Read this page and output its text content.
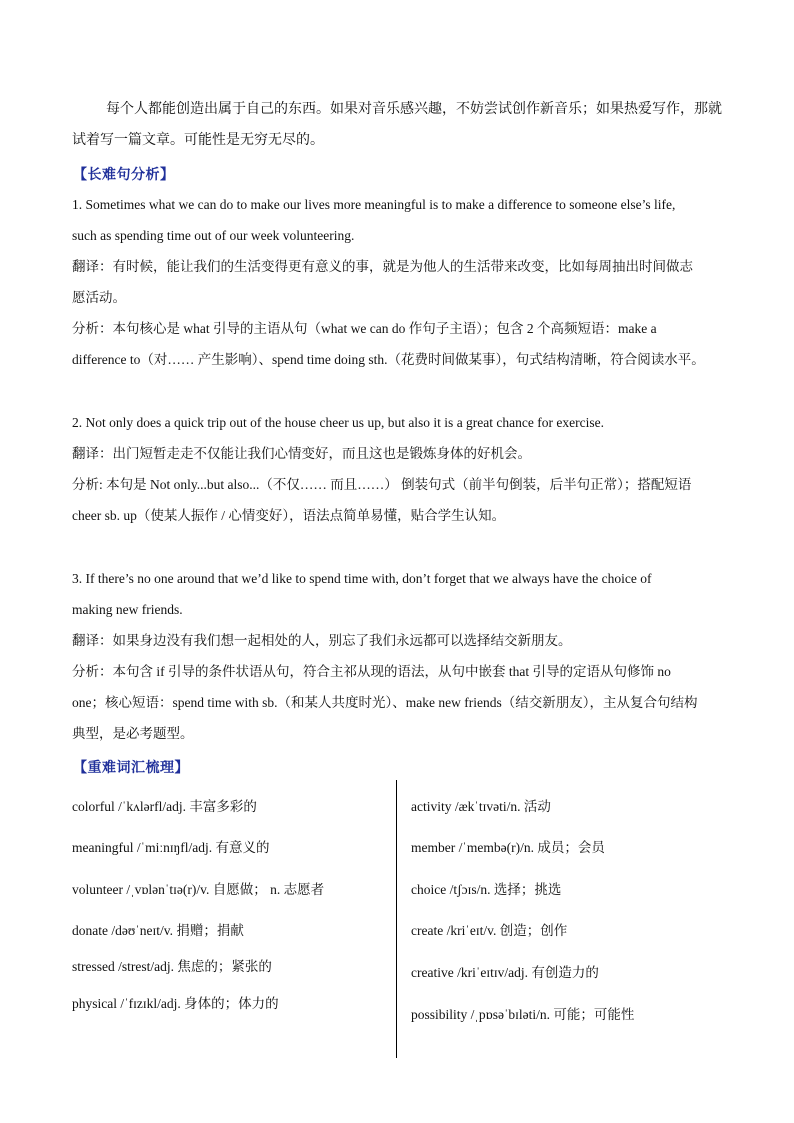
每个人都能创造出属于自己的东西。如果对音乐感兴趣，不妨尝试创作新音乐；如果热爱写作，那就
试着写一篇文章。可能性是无穷无尽的。
【长难句分析】
1. Sometimes what we can do to make our lives more meaningful is to make a difference to someone else’s life,
such as spending time out of our week volunteering.
翻译：有时候，能让我们的生活变得更有意义的事，就是为他人的生活带来改变，比如每周抽出时间做志
愿活动。
分析：本句核心是 what 引导的主语从句（what we can do 作句子主语）；包含 2 个高频短语：make a
difference to（对…… 产生影响）、spend time doing sth.（花费时间做某事），句式结构清晰，符合阅读水平。
2. Not only does a quick trip out of the house cheer us up, but also it is a great chance for exercise.
翻译：出门短暂走走不仅能让我们心情变好，而且这也是锻炼身体的好机会。
分析: 本句是 Not only...but also...（不仅…… 而且……） 倒装句式（前半句倒装，后半句正常）；搭配短语
cheer sb. up（使某人振作 / 心情变好），语法点简单易懂，贴合学生认知。
3. If there’s no one around that we’d like to spend time with, don’t forget that we always have the choice of
making new friends.
翻译：如果身边没有我们想一起相处的人，别忘了我们永远都可以选择结交新朋友。
分析：本句含 if 引导的条件状语从句，符合主祁从现的语法，从句中嵌套 that 引导的定语从句修饰 no
one；核心短语：spend time with sb.（和某人共度时光）、make new friends（结交新朋友），主从复合句结构
典型，是必考题型。
【重难词汇梳理】
colorful /ˈkʌlərfl/adj. 丰富多彩的
meaningful /ˈmiːnɪŋfl/adj. 有意义的
volunteer /ˌvɒlənˈtɪə(r)/v. 自愿做； n. 志愿者
donate /dəʊˈneɪt/v. 捐赠；捐献
stressed /strest/adj. 焦虑的；紧张的
physical /ˈfɪzɪkl/adj. 身体的；体力的
activity /ækˈtɪvəti/n. 活动
member /ˈmembə(r)/n. 成员；会员
choice /tʃɔɪs/n. 选择；挑选
create /kriˈeɪt/v. 创造；创作
creative /kriˈeɪtɪv/adj. 有创造力的
possibility /ˌpɒsəˈbɪləti/n. 可能；可能性
